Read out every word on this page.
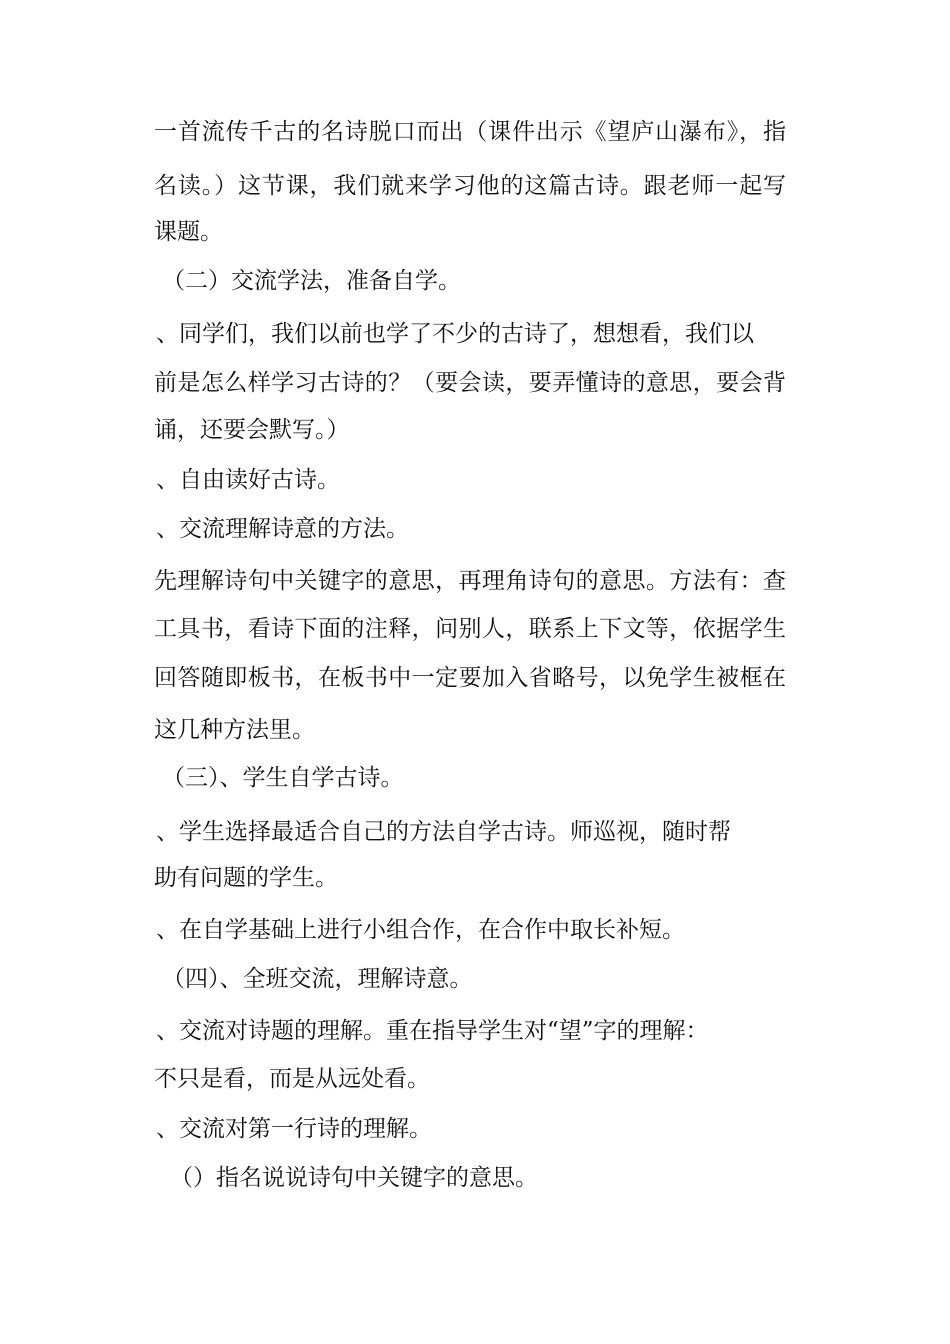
一首流传千古的名诗脱口而出（课件出示《望庐山瀑布》，指
名读。）这节课，我们就来学习他的这篇古诗。跟老师一起写
课题。
（二）交流学法，准备自学。
、同学们，我们以前也学了不少的古诗了，想想看，我们以
前是怎么样学习古诗的？（要会读，要弄懂诗的意思，要会背
诵，还要会默写。）
、自由读好古诗。
、交流理解诗意的方法。
先理解诗句中关键字的意思，再理角诗句的意思。方法有：查
工具书，看诗下面的注释，问别人，联系上下文等，依据学生
回答随即板书，在板书中一定要加入省略号，以免学生被框在
这几种方法里。
（三）、学生自学古诗。
、学生选择最适合自己的方法自学古诗。师巡视，随时帮
助有问题的学生。
、在自学基础上进行小组合作，在合作中取长补短。
（四）、全班交流，理解诗意。
、交流对诗题的理解。重在指导学生对“望”字的理解：
不只是看，而是从远处看。
、交流对第一行诗的理解。
（）指名说说诗句中关键字的意思。
